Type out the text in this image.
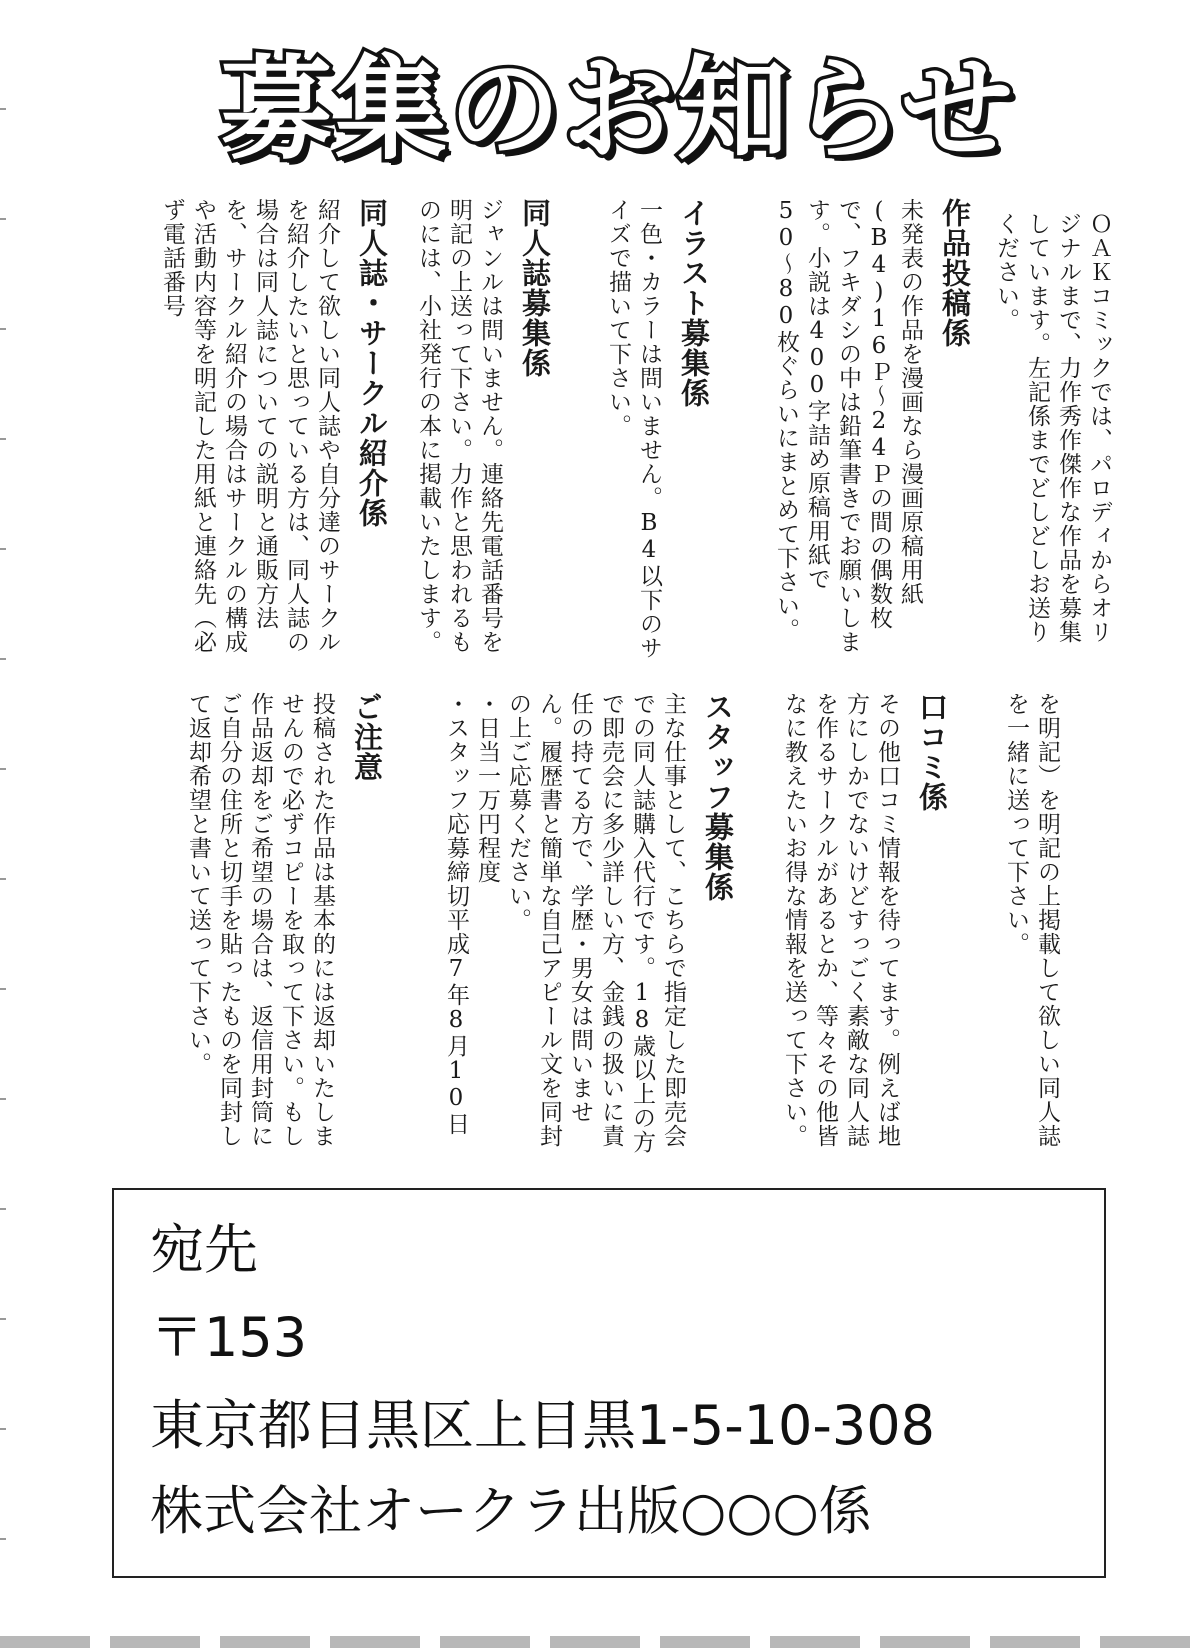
募集のお知らせ
ＯＡＫコミックでは、パロディからオリジナルまで、力作秀作傑作な作品を募集しています。左記係までどしどしお送りください。
作品投稿係
未発表の作品を漫画なら漫画原稿用紙(B4)16Ｐ〜24Ｐの間の偶数枚で、フキダシの中は鉛筆書きでお願いします。小説は400字詰め原稿用紙で50〜80枚ぐらいにまとめて下さい。
イラスト募集係
一色・カラーは問いません。B4以下のサイズで描いて下さい。
同人誌募集係
ジャンルは問いません。連絡先電話番号を明記の上送って下さい。力作と思われるものには、小社発行の本に掲載いたします。
同人誌・サークル紹介係
紹介して欲しい同人誌や自分達のサークルを紹介したいと思っている方は、同人誌の場合は同人誌についての説明と通販方法を、サークル紹介の場合はサークルの構成や活動内容等を明記した用紙と連絡先（必ず電話番号
を明記）を明記の上掲載して欲しい同人誌を一緒に送って下さい。
口コミ係
その他口コミ情報を待ってます。例えば地方にしかでないけどすっごく素敵な同人誌を作るサークルがあるとか、等々その他皆なに教えたいお得な情報を送って下さい。
スタッフ募集係
主な仕事として、こちらで指定した即売会での同人誌購入代行です。18歳以上の方で即売会に多少詳しい方、金銭の扱いに責任の持てる方で、学歴・男女は問いません。履歴書と簡単な自己アピール文を同封の上ご応募ください。
・日当一万円程度
・スタッフ応募締切平成7年8月10日
ご注意
投稿された作品は基本的には返却いたしませんので必ずコピーを取って下さい。もし作品返却をご希望の場合は、返信用封筒にご自分の住所と切手を貼ったものを同封して返却希望と書いて送って下さい。
宛先
〒153
東京都目黒区上目黒1-5-10-308
株式会社オークラ出版○○○係
